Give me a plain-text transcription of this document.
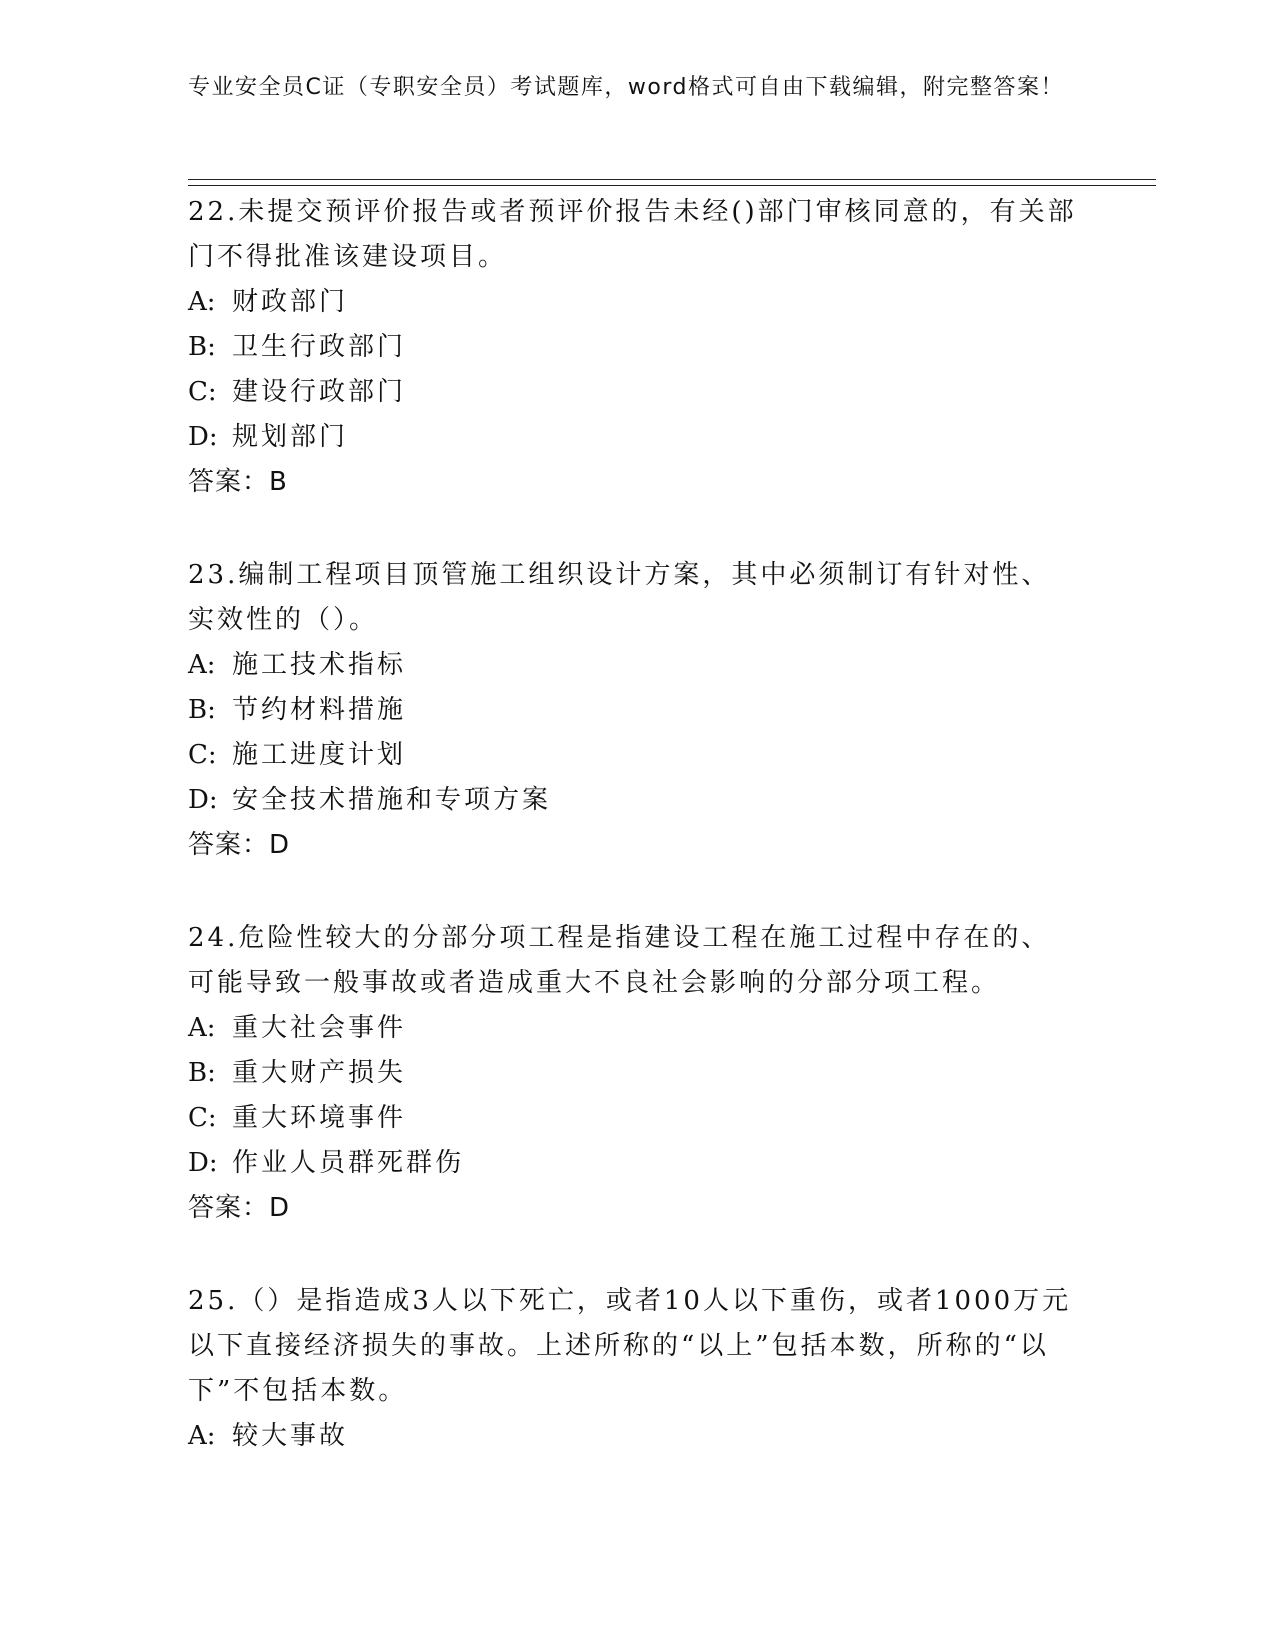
专业安全员C证（专职安全员）考试题库，word格式可自由下载编辑，附完整答案！

22.未提交预评价报告或者预评价报告未经()部门审核同意的，有关部门不得批准该建设项目。

A: 财政部门

B: 卫生行政部门

C: 建设行政部门

D: 规划部门

答案：B

23.编制工程项目顶管施工组织设计方案，其中必须制订有针对性、实效性的（）。

A: 施工技术指标

B: 节约材料措施

C: 施工进度计划

D: 安全技术措施和专项方案

答案：D

24.危险性较大的分部分项工程是指建设工程在施工过程中存在的、可能导致一般事故或者造成重大不良社会影响的分部分项工程。

A: 重大社会事件

B: 重大财产损失

C: 重大环境事件

D: 作业人员群死群伤

答案：D

25.（）是指造成3人以下死亡，或者10人以下重伤，或者1000万元以下直接经济损失的事故。上述所称的“以上”包括本数，所称的“以下”不包括本数。

A: 较大事故
